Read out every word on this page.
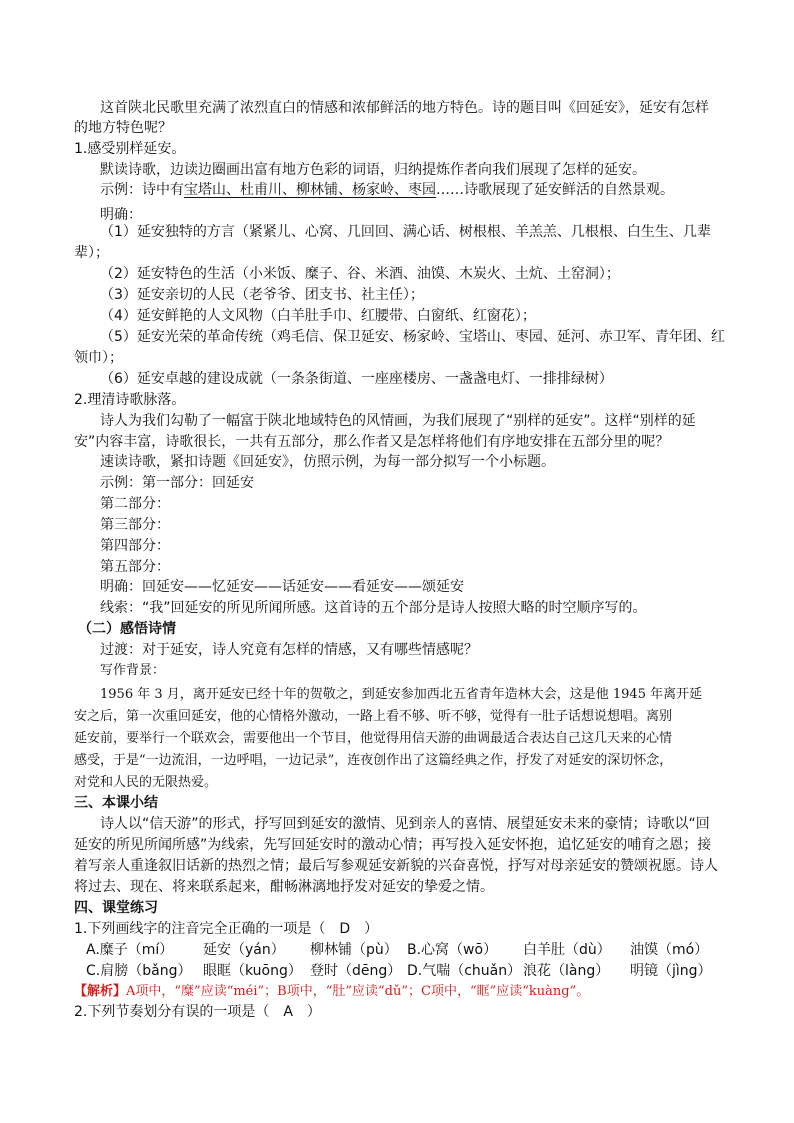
这首陕北民歌里充满了浓烈直白的情感和浓郁鲜活的地方特色。诗的题目叫《回延安》，延安有怎样
的地方特色呢？
1.感受别样延安。
默读诗歌，边读边圈画出富有地方色彩的词语，归纳提炼作者向我们展现了怎样的延安。
示例：诗中有宝塔山、杜甫川、柳林铺、杨家岭、枣园……诗歌展现了延安鲜活的自然景观。
明确：
（1）延安独特的方言（紧紧儿、心窝、几回回、满心话、树根根、羊羔羔、几根根、白生生、几辈
辈）；
（2）延安特色的生活（小米饭、糜子、谷、米酒、油馍、木炭火、土炕、土窑洞）；
（3）延安亲切的人民（老爷爷、团支书、社主任）；
（4）延安鲜艳的人文风物（白羊肚手巾、红腰带、白窗纸、红窗花）；
（5）延安光荣的革命传统（鸡毛信、保卫延安、杨家岭、宝塔山、枣园、延河、赤卫军、青年团、红
领巾）；
（6）延安卓越的建设成就（一条条街道、一座座楼房、一盏盏电灯、一排排绿树）
2.理清诗歌脉落。
诗人为我们勾勒了一幅富于陕北地域特色的风情画，为我们展现了“别样的延安”。这样“别样的延
安”内容丰富，诗歌很长，一共有五部分，那么作者又是怎样将他们有序地安排在五部分里的呢？
速读诗歌，紧扣诗题《回延安》，仿照示例，为每一部分拟写一个小标题。
示例：第一部分：回延安
第二部分：
第三部分：
第四部分：
第五部分：
明确：回延安——忆延安——话延安——看延安——颂延安
线索：“我”回延安的所见所闻所感。这首诗的五个部分是诗人按照大略的时空顺序写的。
（二）感悟诗情
过渡：对于延安，诗人究竟有怎样的情感，又有哪些情感呢？
写作背景：
1956 年 3 月，离开延安已经十年的贺敬之，到延安参加西北五省青年造林大会，这是他 1945 年离开延
安之后，第一次重回延安，他的心情格外激动，一路上看不够、听不够，觉得有一肚子话想说想唱。离别
延安前，要举行一个联欢会，需要他出一个节目，他觉得用信天游的曲调最适合表达自己这几天来的心情
感受，于是“一边流泪，一边呼唱，一边记录”，连夜创作出了这篇经典之作，抒发了对延安的深切怀念，
对党和人民的无限热爱。
三、本课小结
诗人以“信天游”的形式，抒写回到延安的激情、见到亲人的喜情、展望延安未来的豪情；诗歌以“回
延安的所见所闻所感”为线索，先写回延安时的激动心情；再写投入延安怀抱，追忆延安的哺育之恩；接
着写亲人重逢叙旧话新的热烈之情；最后写参观延安新貌的兴奋喜悦，抒写对母亲延安的赞颂祝愿。诗人
将过去、现在、将来联系起来，酣畅淋漓地抒发对延安的挚爱之情。
四、课堂练习
1.下列画线字的注音完全正确的一项是（　D　）
A.糜子（mí） 延安（yán） 柳林铺（pù） B.心窝（wō） 白羊肚（dù） 油馍（mó）
C.肩膀（bǎng） 眼眶（kuōng） 登时（dēng） D.气喘（chuǎn） 浪花（làng） 明镜（jìng）
【解析】A项中，“糜”应读“méi”；B项中，“肚”应读“dǔ”；C项中，“眶”应读“kuàng”。
2.下列节奏划分有误的一项是（　A　）
